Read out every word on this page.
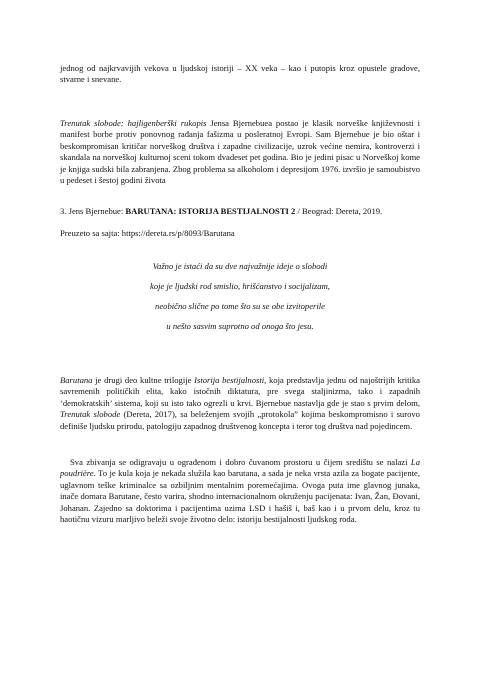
jednog od najkrvavijih vekova u ljudskoj istoriji – XX veka – kao i putopis kroz opustele gradove, stvarne i snevane.
Trenutak slobode: hajligenberški rukopis Jensa Bjernebuea postao je klasik norveške književnosti i manifest borbe protiv ponovnog rađanja fašizma u posleratnoj Evropi. Sam Bjernebue je bio oštar i beskompromisan kritičar norveškog društva i zapadne civilizacije, uzrok većine nemira, kontroverzi i skandala na norveškoj kulturnoj sceni tokom dvadeset pet godina. Bio je jedini pisac u Norveškoj kome je knjiga sudski bila zabranjena. Zbog problema sa alkoholom i depresijom 1976. izvršio je samoubistvo u pedeset i šestoj godini života
3. Jens Bjernebue: BARUTANA: ISTORIJA BESTIJALNOSTI 2 / Beograd: Dereta, 2019.
Preuzeto sa sajta: https://dereta.rs/p/8093/Barutana
Važno je istaći da su dve najvažnije ideje o slobodi
koje je ljudski rod smislio, hrišćanstvo i socijalizam,
neobično slične po tome što su se obe izvitoperile
u nešto sasvim suprotno od onoga što jesu.
Barutana je drugi deo kultne trilogije Istorija bestijalnosti, koja predstavlja jednu od najoštrijih kritika savremenih političkih elita, kako istočnih diktatura, pre svega staljinizma, tako i zapadnih ‘demokratskih’ sistema, koji su isto tako ogrezli u krvi. Bjernebue nastavlja gde je stao s prvim delom, Trenutak slobode (Dereta, 2017), sa beleženjem svojih „protokola” kojima beskompromisno i surovo definiše ljudsku prirodu, patologiju zapadnog društvenog koncepta i teror tog društva nad pojedincem.
Sva zbivanja se odigravaju u ograđenom i dobro čuvanom prostoru u čijem središtu se nalazi La poudrière. To je kula koja je nekada služila kao barutana, a sada je neka vrsta azila za bogate pacijente, uglavnom teške kriminalce sa ozbiljnim mentalnim poremećajima. Ovoga puta ime glavnog junaka, inače domara Barutane, često varira, shodno internacionalnom okruženju pacijenata: Ivan, Žan, Đovani, Johanan. Zajedno sa doktorima i pacijentima uzima LSD i hašiš i, baš kao i u prvom delu, kroz tu haotičnu vizuru marljivo beleži svoje životno delo: istoriju bestijalnosti ljudskog roda.
